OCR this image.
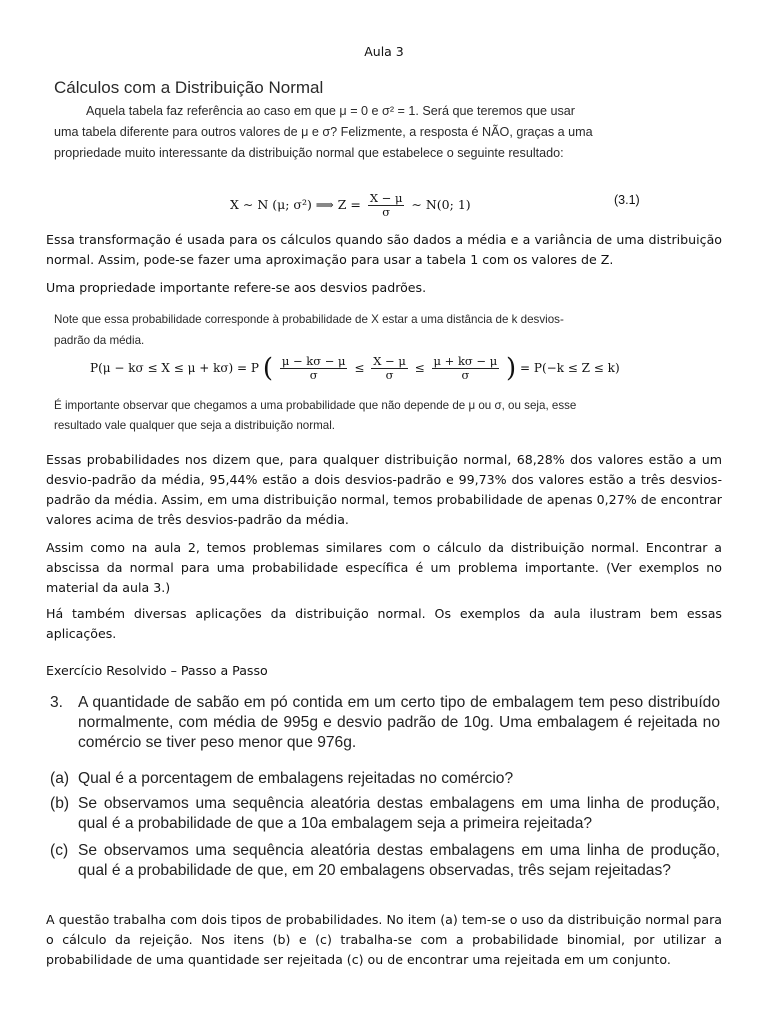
Aula 3
Cálculos com a Distribuição Normal
Aquela tabela faz referência ao caso em que μ = 0 e σ² = 1. Será que teremos que usar
uma tabela diferente para outros valores de μ e σ? Felizmente, a resposta é NÃO, graças a uma
propriedade muito interessante da distribuição normal que estabelece o seguinte resultado:
X ∼ N (μ; σ²) ⟹ $Z = \frac{X - \mu}{\sigma}$ ∼ N(0; 1)	(3.1)
Essa transformação é usada para os cálculos quando são dados a média e a variância de uma distribuição normal. Assim, pode-se fazer uma aproximação para usar a tabela 1 com os valores de Z.
Uma propriedade importante refere-se aos desvios padrões.
Note que essa probabilidade corresponde à probabilidade de X estar a uma distância de k desvios-
padrão da média.
P(μ − kσ ≤ X ≤ μ + kσ) = P ( $\frac{\mu - k\sigma - \mu}{\sigma} \le \frac{X - \mu}{\sigma} \le \frac{\mu + k\sigma - \mu}{\sigma}$ ) = P(−k ≤ Z ≤ k)
É importante observar que chegamos a uma probabilidade que não depende de μ ou σ, ou seja, esse
resultado vale qualquer que seja a distribuição normal.
Essas probabilidades nos dizem que, para qualquer distribuição normal, 68,28% dos valores estão a um desvio-padrão da média, 95,44% estão a dois desvios-padrão e 99,73% dos valores estão a três desvios-padrão da média. Assim, em uma distribuição normal, temos probabilidade de apenas 0,27% de encontrar valores acima de três desvios-padrão da média.
Assim como na aula 2, temos problemas similares com o cálculo da distribuição normal. Encontrar a abscissa da normal para uma probabilidade específica é um problema importante. (Ver exemplos no material da aula 3.)
Há também diversas aplicações da distribuição normal. Os exemplos da aula ilustram bem essas aplicações.
Exercício Resolvido – Passo a Passo
3. A quantidade de sabão em pó contida em um certo tipo de embalagem tem peso distribuído normalmente, com média de 995g e desvio padrão de 10g. Uma embalagem é rejeitada no comércio se tiver peso menor que 976g.
(a) Qual é a porcentagem de embalagens rejeitadas no comércio?
(b) Se observamos uma sequência aleatória destas embalagens em uma linha de produção, qual é a probabilidade de que a 10a embalagem seja a primeira rejeitada?
(c) Se observamos uma sequência aleatória destas embalagens em uma linha de produção, qual é a probabilidade de que, em 20 embalagens observadas, três sejam rejeitadas?
A questão trabalha com dois tipos de probabilidades. No item (a) tem-se o uso da distribuição normal para o cálculo da rejeição. Nos itens (b) e (c) trabalha-se com a probabilidade binomial, por utilizar a probabilidade de uma quantidade ser rejeitada (c) ou de encontrar uma rejeitada em um conjunto.
